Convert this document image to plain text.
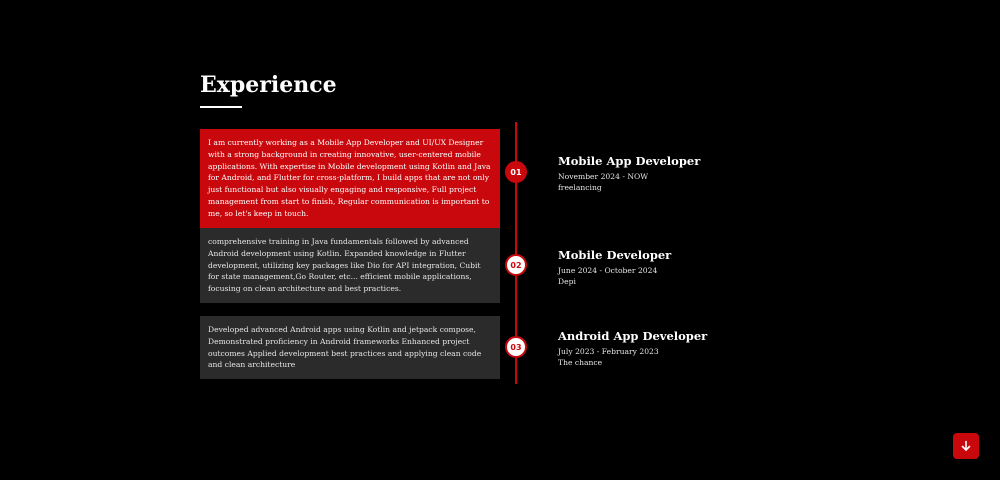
Experience
I am currently working as a Mobile App Developer and UI/UX Designer with a strong background in creating innovative, user-centered mobile applications. With expertise in Mobile development using Kotlin and Java for Android, and Flutter for cross-platform, I build apps that are not only just functional but also visually engaging and responsive, Full project management from start to finish, Regular communication is important to me, so let's keep in touch.
01
Mobile App Developer
November 2024 - NOW
freelancing
comprehensive training in Java fundamentals followed by advanced Android development using Kotlin. Expanded knowledge in Flutter development, utilizing key packages like Dio for API integration, Cubit for state management,Go Router, etc... efficient mobile applications, focusing on clean architecture and best practices.
02
Mobile Developer
June 2024 - October 2024
Depi
Developed advanced Android apps using Kotlin and jetpack compose, Demonstrated proficiency in Android frameworks Enhanced project outcomes Applied development best practices and applying clean code and clean architecture
03
Android App Developer
July 2023 - February 2023
The chance
